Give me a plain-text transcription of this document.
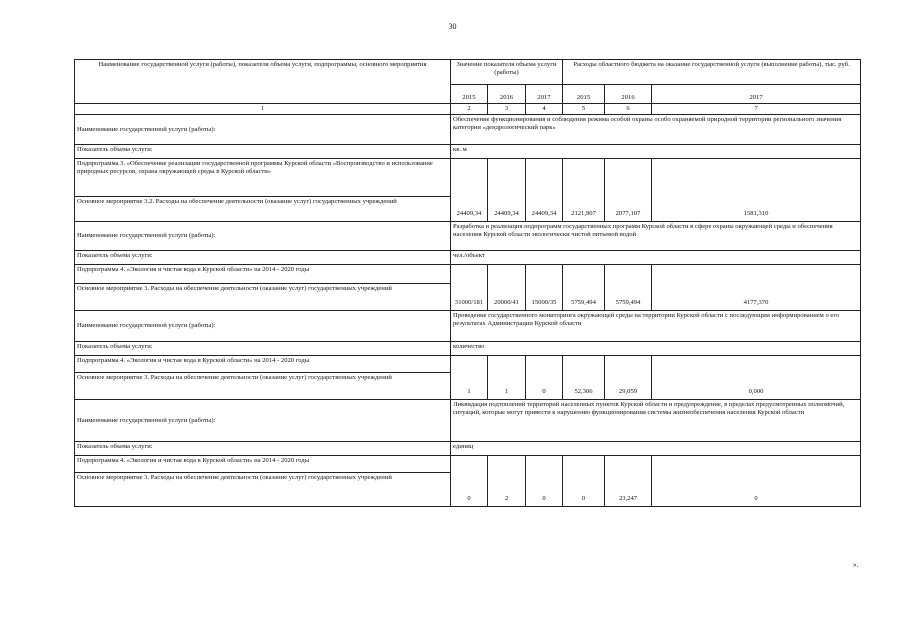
30
Наименование государственной услуги (работы), показателя объема услуги, подпрограммы, основного мероприятия	Значение показателя объема услуги (работы)			Расходы областного бюджета на оказание государственной услуги (выполнение работы), тыс. руб.		
	2015	2016	2017	2015	2016	2017
1	2	3	4	5	6	7
Наименование государственной услуги (работы):	Обеспечение функционирования и соблюдения режима особой охраны особо охраняемой природной территории регионального значения категории «дендрологический парк»					
Показатель объема услуги:	кв. м					
Подпрограмма 3. «Обеспечение реализации государственной программы Курской области «Воспроизводство и использование природных ресурсов, охрана окружающей среды в Курской области»	24409,34	24409,34	24409,34	2121,907	2077,107	1581,310
Основное мероприятие 3.2. Расходы на обеспечение деятельности (оказание услуг) государственных учреждений						
Наименование государственной услуги (работы):	Разработка и реализация подпрограмм государственных программ Курской области в сфере охраны окружающей среды и обеспечения населения Курской области экологически чистой питьевой водой					
Показатель объема услуги:	чел./объект					
Подпрограмма 4. «Экология и чистая вода в Курской области» на 2014 - 2020 годы	31000/181	20000/41	15000/35	5759,494	5759,494	4177,370
Основное мероприятие 3. Расходы на обеспечение деятельности (оказание услуг) государственных учреждений						
Наименование государственной услуги (работы):	Проведение государственного мониторинга окружающей среды на территории Курской области с последующим информированием о его результатах Администрации Курской области					
Показатель объема услуги:	количество					
Подпрограмма 4. «Экология и чистая вода в Курской области» на 2014 - 2020 годы	1	1	0	52,306	29,059	0,000
Основное мероприятие 3. Расходы на обеспечение деятельности (оказание услуг) государственных учреждений						
Наименование государственной услуги (работы):	Ликвидация подтоплений территорий населенных пунктов Курской области и предупреждение, в пределах предусмотренных полномочий, ситуаций, которые могут привести к нарушению функционирования системы жизнеобеспечения населения Курской области					
Показатель объема услуги:	единиц					
Подпрограмма 4. «Экология и чистая вода в Курской области» на 2014 - 2020 годы	0	2	0	0	23,247	0
Основное мероприятие 3. Расходы на обеспечение деятельности (оказание услуг) государственных учреждений						
».
